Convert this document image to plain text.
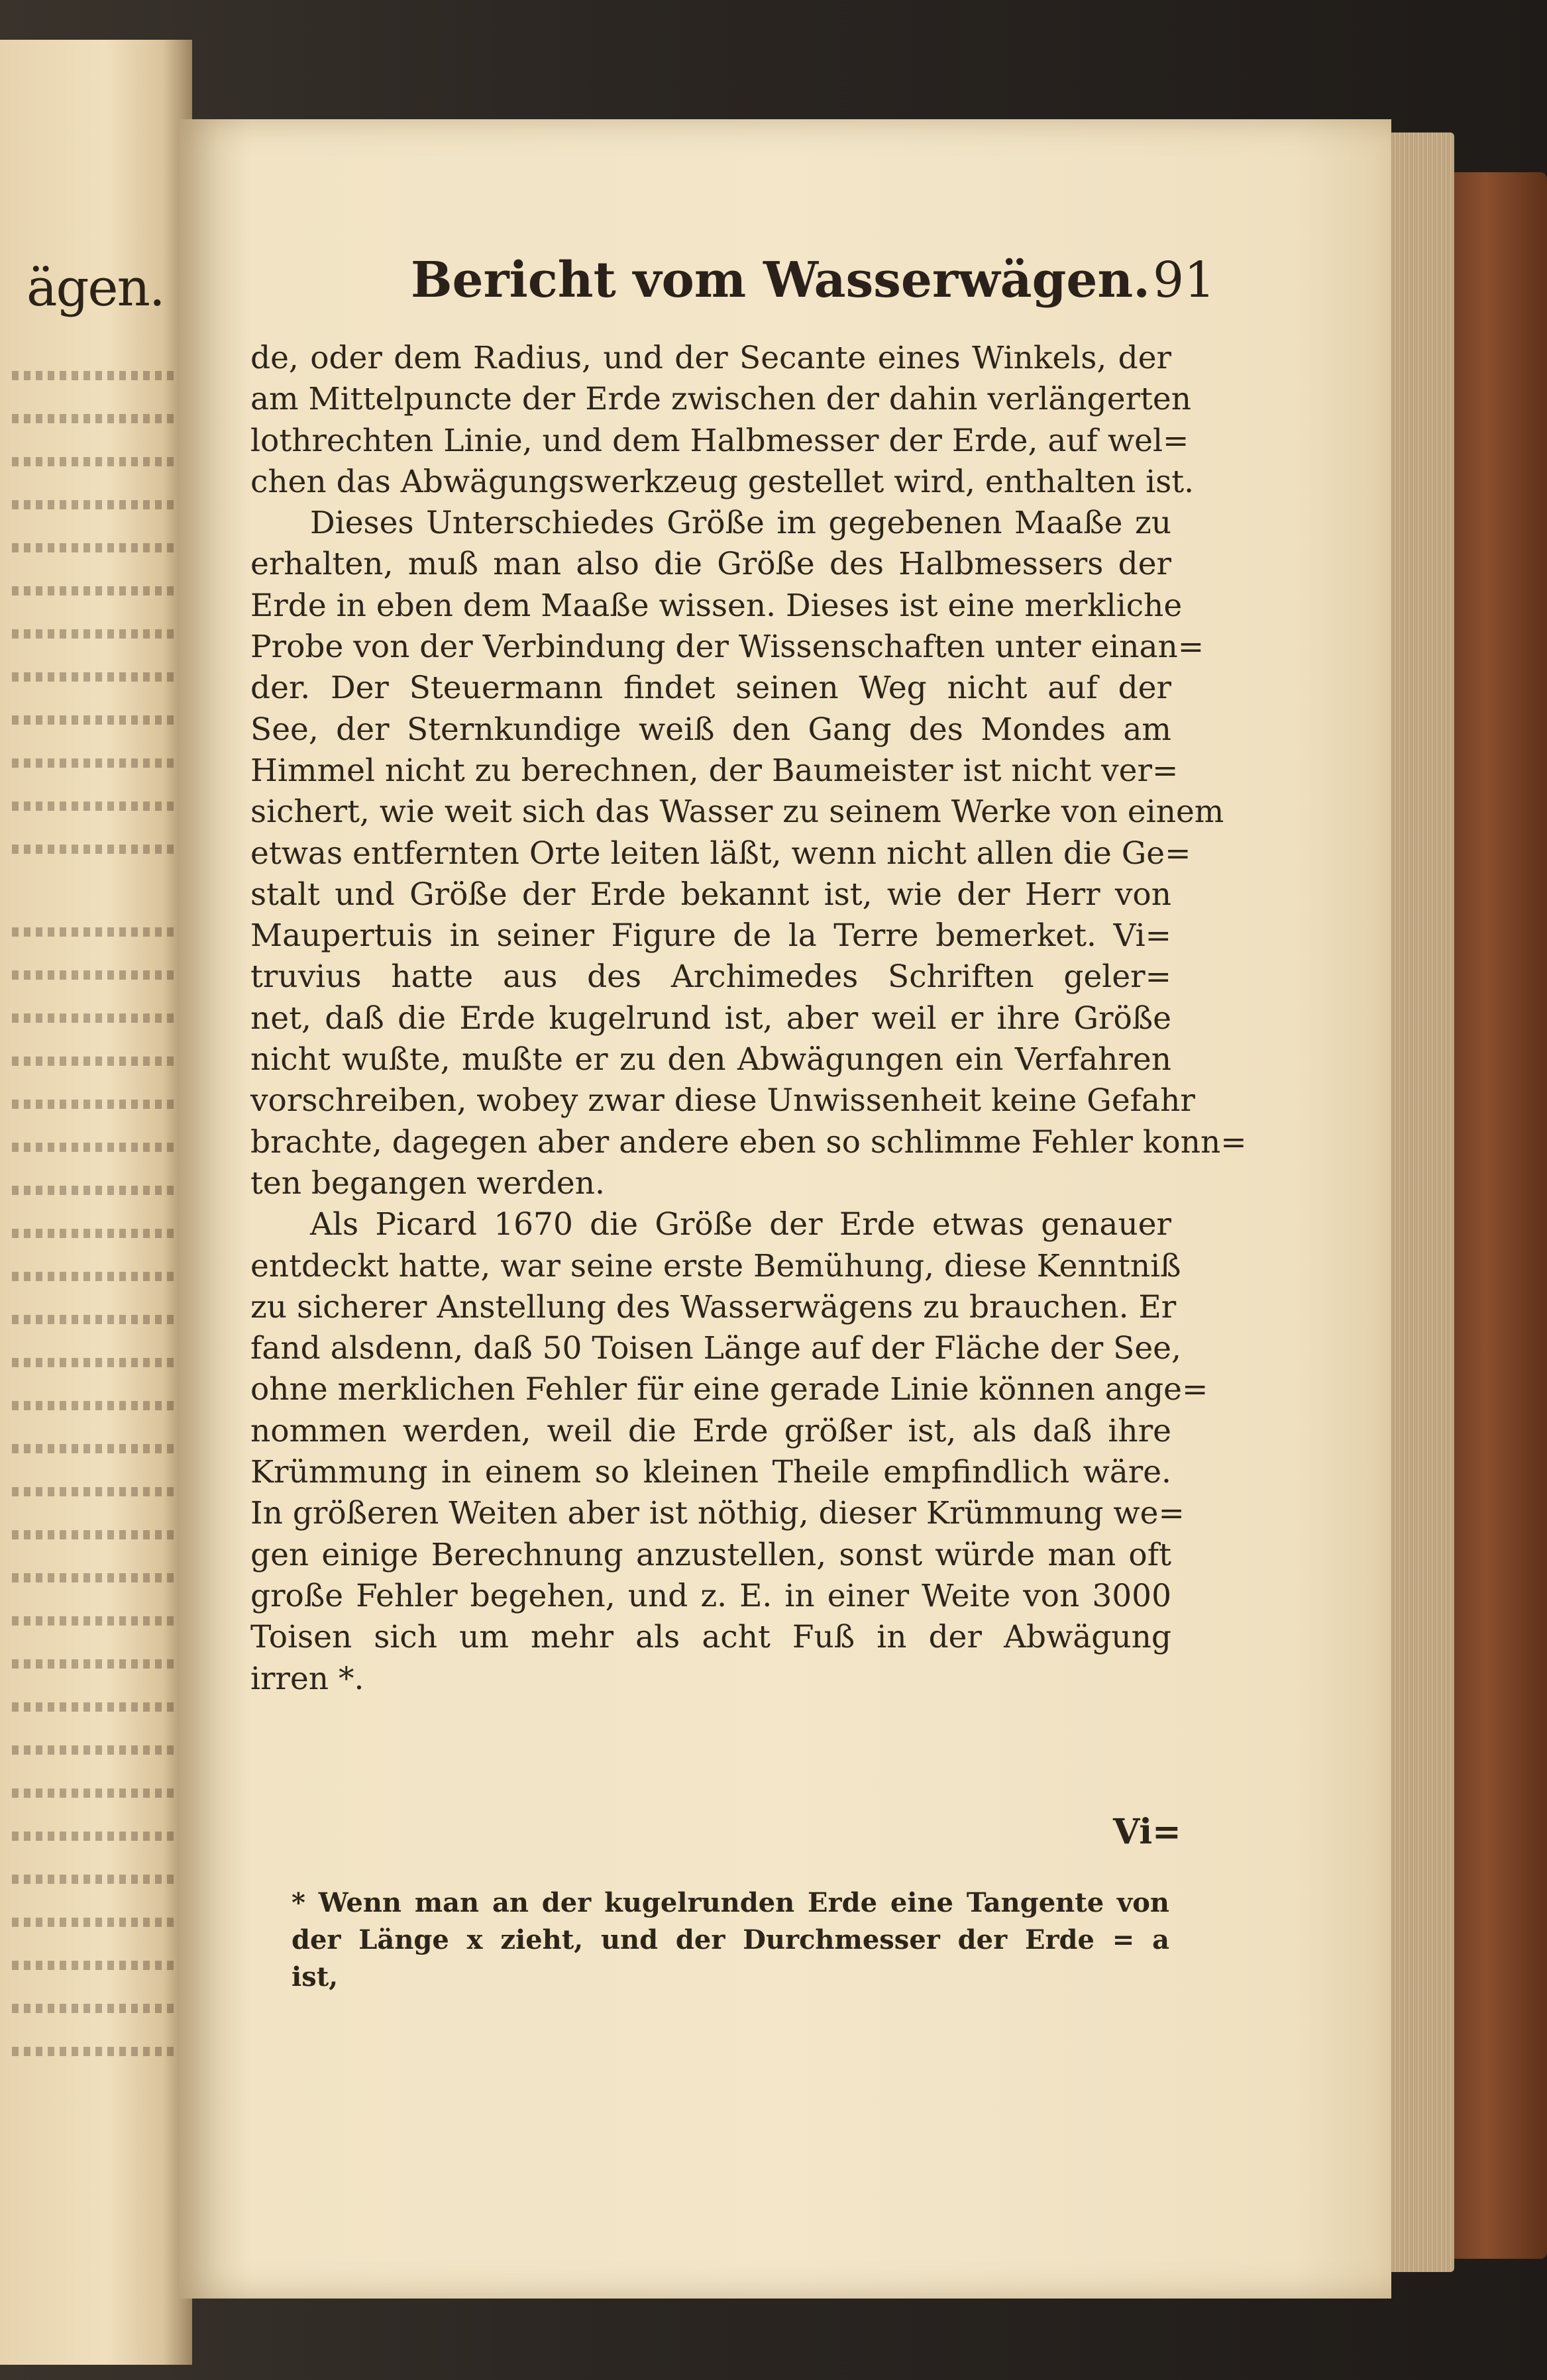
ägen.	Bericht vom Wasserwägen. 91
de, oder dem Radius, und der Secante eines Winkels, der
am Mittelpuncte der Erde zwischen der dahin verlängerten
lothrechten Linie, und dem Halbmesser der Erde, auf wel=
chen das Abwägungswerkzeug gestellet wird, enthalten ist.
Dieses Unterschiedes Größe im gegebenen Maaße zu
erhalten, muß man also die Größe des Halbmessers der
Erde in eben dem Maaße wissen. Dieses ist eine merkliche
Probe von der Verbindung der Wissenschaften unter einan=
der. Der Steuermann findet seinen Weg nicht auf der
See, der Sternkundige weiß den Gang des Mondes am
Himmel nicht zu berechnen, der Baumeister ist nicht ver=
sichert, wie weit sich das Wasser zu seinem Werke von einem
etwas entfernten Orte leiten läßt, wenn nicht allen die Ge=
stalt und Größe der Erde bekannt ist, wie der Herr von
Maupertuis in seiner Figure de la Terre bemerket. Vi=
truvius hatte aus des Archimedes Schriften geler=
net, daß die Erde kugelrund ist, aber weil er ihre Größe
nicht wußte, mußte er zu den Abwägungen ein Verfahren
vorschreiben, wobey zwar diese Unwissenheit keine Gefahr
brachte, dagegen aber andere eben so schlimme Fehler konn=
ten begangen werden.
Als Picard 1670 die Größe der Erde etwas genauer
entdeckt hatte, war seine erste Bemühung, diese Kenntniß
zu sicherer Anstellung des Wasserwägens zu brauchen. Er
fand alsdenn, daß 50 Toisen Länge auf der Fläche der See,
ohne merklichen Fehler für eine gerade Linie können ange=
nommen werden, weil die Erde größer ist, als daß ihre
Krümmung in einem so kleinen Theile empfindlich wäre.
In größeren Weiten aber ist nöthig, dieser Krümmung we=
gen einige Berechnung anzustellen, sonst würde man oft
große Fehler begehen, und z. E. in einer Weite von 3000
Toisen sich um mehr als acht Fuß in der Abwägung
irren *.
Vi=
* Wenn man an der kugelrunden Erde eine Tangente von
der Länge x zieht, und der Durchmesser der Erde = a
ist,
